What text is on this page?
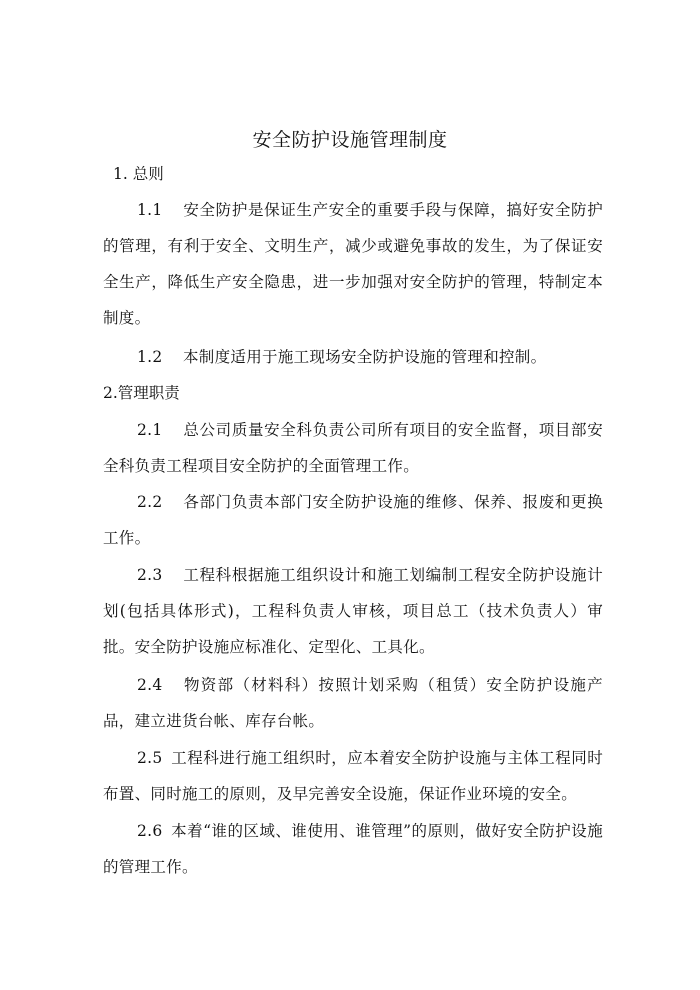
安全防护设施管理制度
1. 总则
1.1 安全防护是保证生产安全的重要手段与保障，搞好安全防护的管理，有利于安全、文明生产，减少或避免事故的发生，为了保证安全生产，降低生产安全隐患，进一步加强对安全防护的管理，特制定本制度。
1.2 本制度适用于施工现场安全防护设施的管理和控制。
2.管理职责
2.1 总公司质量安全科负责公司所有项目的安全监督，项目部安全科负责工程项目安全防护的全面管理工作。
2.2 各部门负责本部门安全防护设施的维修、保养、报废和更换工作。
2.3 工程科根据施工组织设计和施工划编制工程安全防护设施计划(包括具体形式)，工程科负责人审核，项目总工（技术负责人）审批。安全防护设施应标准化、定型化、工具化。
2.4 物资部（材料科）按照计划采购（租赁）安全防护设施产品，建立进货台帐、库存台帐。
2.5 工程科进行施工组织时，应本着安全防护设施与主体工程同时布置、同时施工的原则，及早完善安全设施，保证作业环境的安全。
2.6 本着“谁的区域、谁使用、谁管理”的原则，做好安全防护设施的管理工作。
